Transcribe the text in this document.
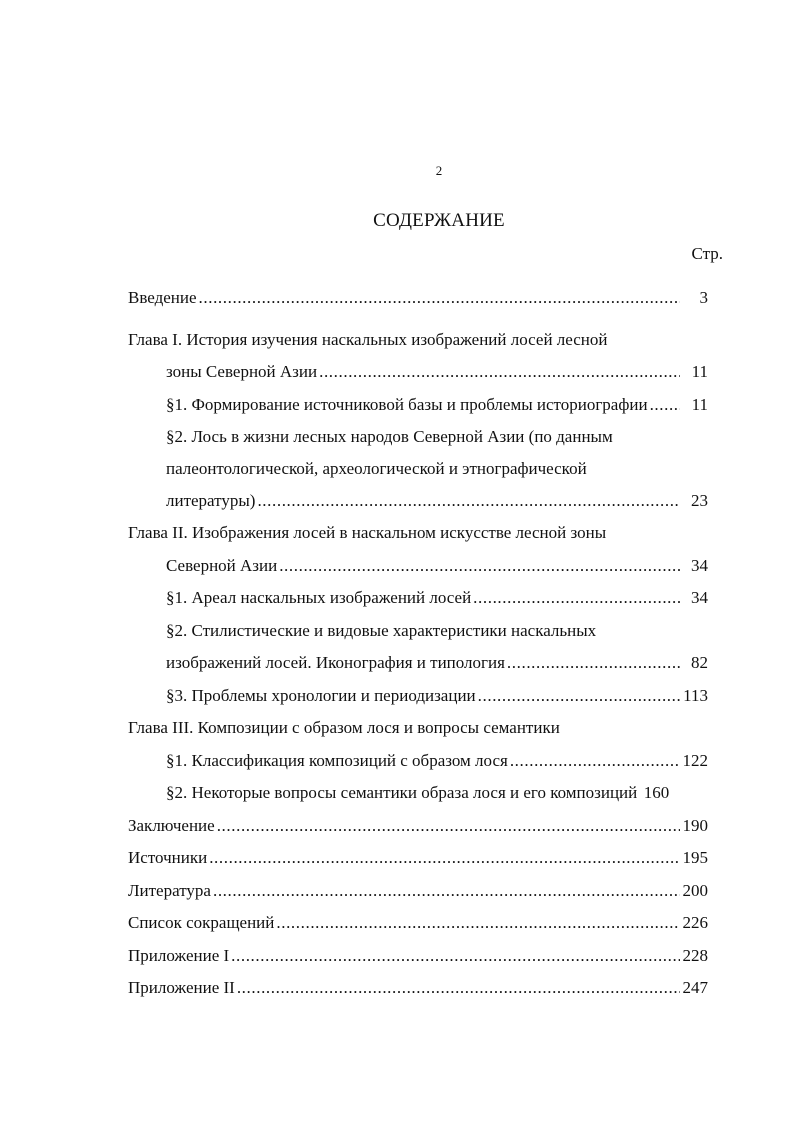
2
СОДЕРЖАНИЕ
Стр.
Введение .....	3
Глава I. История изучения наскальных изображений лосей лесной
зоны Северной Азии .....	11
§1. Формирование источниковой базы и проблемы историографии .....	11
§2. Лось в жизни лесных народов Северной Азии (по данным
палеонтологической, археологической и этнографической
литературы) .....	23
Глава II. Изображения лосей в наскальном искусстве лесной зоны
Северной Азии .....	34
§1. Ареал наскальных изображений лосей .....	34
§2. Стилистические и видовые характеристики наскальных
изображений лосей. Иконография и типология .....	82
§3. Проблемы хронологии и периодизации .....	113
Глава III. Композиции с образом лося и вопросы семантики
§1. Классификация композиций с образом лося .....	122
§2. Некоторые вопросы семантики образа лося и его композиций 160
Заключение .....	190
Источники .....	195
Литература .....	200
Список сокращений .....	226
Приложение I .....	228
Приложение II .....	247
